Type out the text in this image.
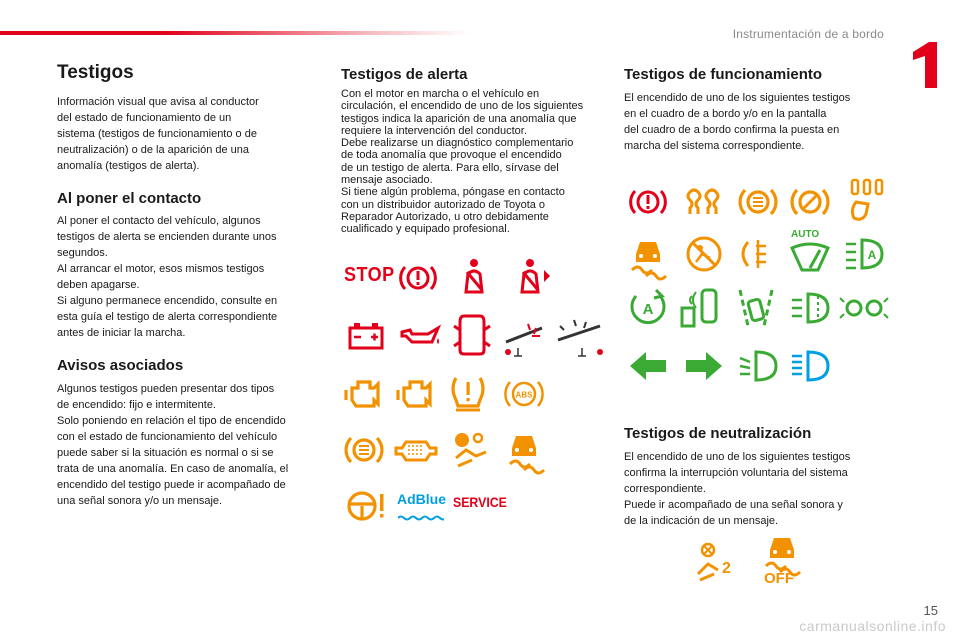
Instrumentación de a bordo
Testigos
Información visual que avisa al conductor
del estado de funcionamiento de un
sistema (testigos de funcionamiento o de
neutralización) o de la aparición de una
anomalía (testigos de alerta).
Al poner el contacto
Al poner el contacto del vehículo, algunos
testigos de alerta se encienden durante unos
segundos.
Al arrancar el motor, esos mismos testigos
deben apagarse.
Si alguno permanece encendido, consulte en
esta guía el testigo de alerta correspondiente
antes de iniciar la marcha.
Avisos asociados
Algunos testigos pueden presentar dos tipos
de encendido: fijo e intermitente.
Solo poniendo en relación el tipo de encendido
con el estado de funcionamiento del vehículo
puede saber si la situación es normal o si se
trata de una anomalía. En caso de anomalía, el
encendido del testigo puede ir acompañado de
una señal sonora y/o un mensaje.
Testigos de alerta
Con el motor en marcha o el vehículo en
circulación, el encendido de uno de los siguientes
testigos indica la aparición de una anomalía que
requiere la intervención del conductor.
Debe realizarse un diagnóstico complementario
de toda anomalía que provoque el encendido
de un testigo de alerta. Para ello, sírvase del
mensaje asociado.
Si tiene algún problema, póngase en contacto
con un distribuidor autorizado de Toyota o
Reparador Autorizado, u otro debidamente
cualificado y equipado profesional.
STOP
ABS
AdBlue SERVICE
Testigos de funcionamiento
El encendido de uno de los siguientes testigos
en el cuadro de a bordo y/o en la pantalla
del cuadro de a bordo confirma la puesta en
marcha del sistema correspondiente.
AUTO
A
A
Testigos de neutralización
El encendido de uno de los siguientes testigos
confirma la interrupción voluntaria del sistema
correspondiente.
Puede ir acompañado de una señal sonora y
de la indicación de un mensaje.
2
OFF
15
carmanualsonline.info
